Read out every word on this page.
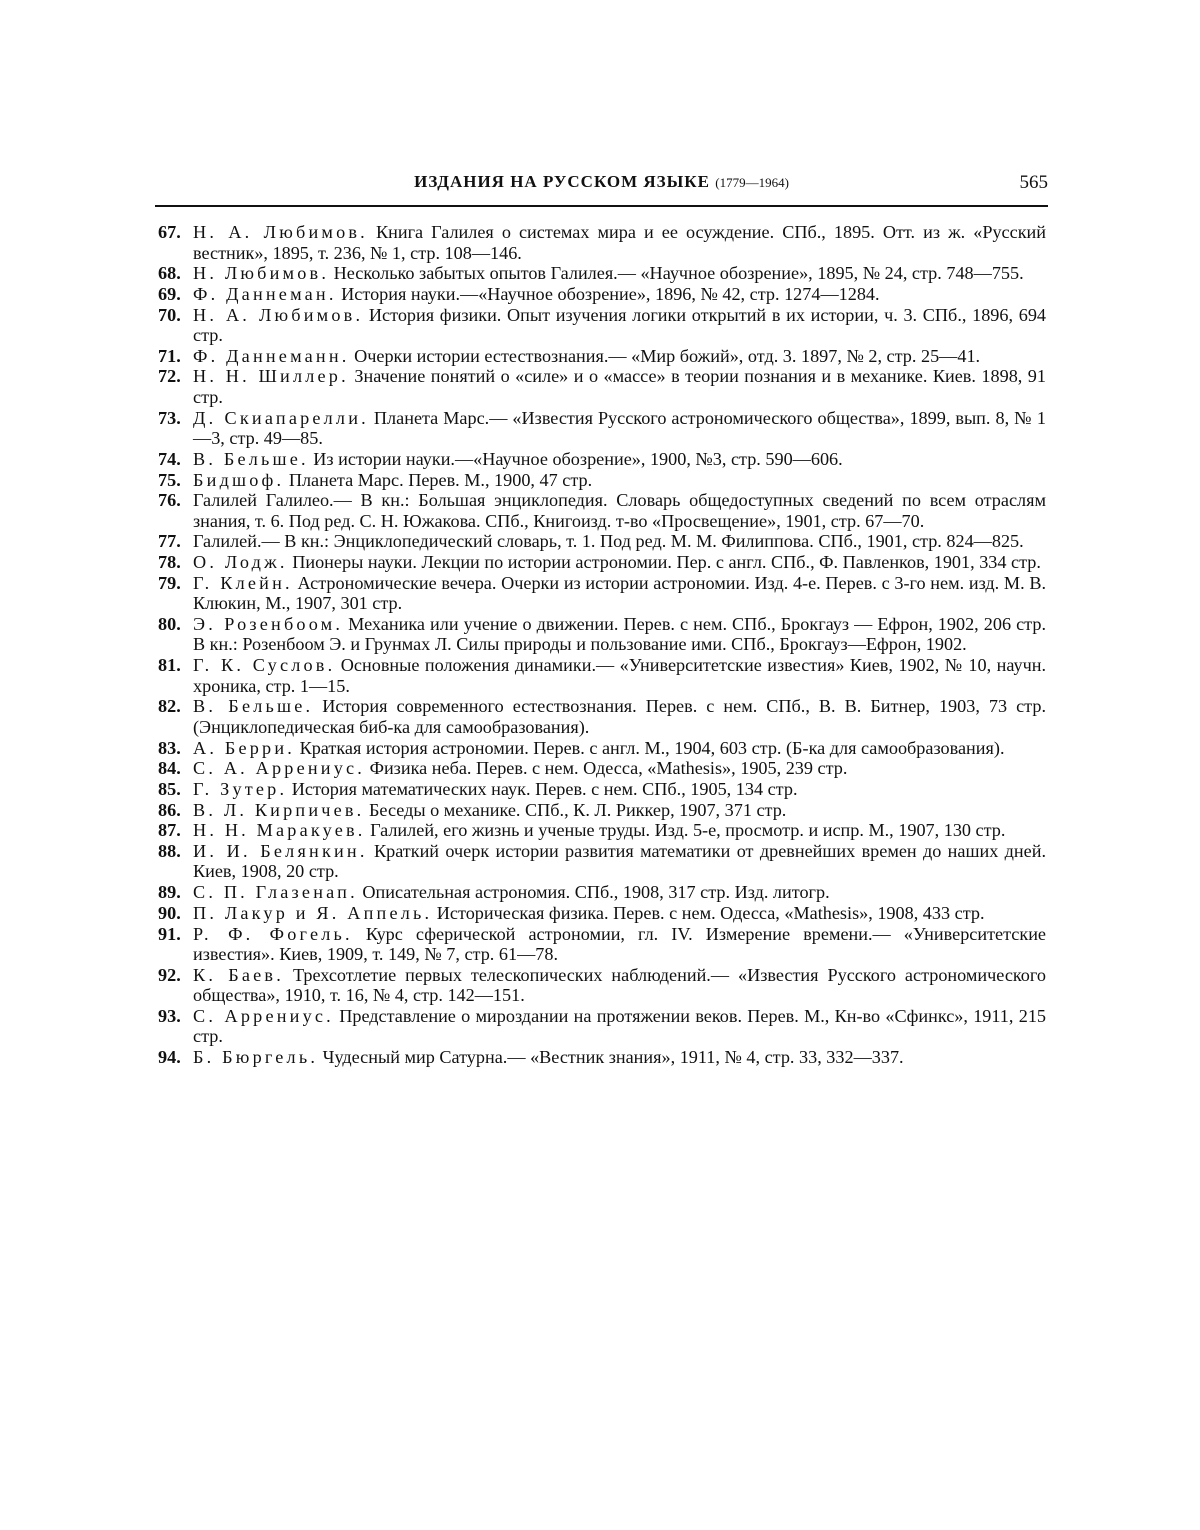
ИЗДАНИЯ НА РУССКОМ ЯЗЫКЕ (1779—1964)	565
67. Н. А. Любимов. Книга Галилея о системах мира и ее осуждение. СПб., 1895. Отт. из ж. «Русский вестник», 1895, т. 236, № 1, стр. 108—146.
68. Н. Любимов. Несколько забытых опытов Галилея.— «Научное обозрение», 1895, № 24, стр. 748—755.
69. Ф. Даннеман. История науки.—«Научное обозрение», 1896, № 42, стр. 1274—1284.
70. Н. А. Любимов. История физики. Опыт изучения логики открытий в их истории, ч. 3. СПб., 1896, 694 стр.
71. Ф. Даннеманн. Очерки истории естествознания.— «Мир божий», отд. 3. 1897, № 2, стр. 25—41.
72. Н. Н. Шиллер. Значение понятий о «силе» и о «массе» в теории познания и в механике. Киев. 1898, 91 стр.
73. Д. Скиапарелли. Планета Марс.— «Известия Русского астрономического общества», 1899, вып. 8, № 1—3, стр. 49—85.
74. В. Бельше. Из истории науки.—«Научное обозрение», 1900, №3, стр. 590—606.
75. Бидшоф. Планета Марс. Перев. М., 1900, 47 стр.
76. Галилей Галилео.— В кн.: Большая энциклопедия. Словарь общедоступных сведений по всем отраслям знания, т. 6. Под ред. С. Н. Южакова. СПб., Книгоизд. т-во «Просвещение», 1901, стр. 67—70.
77. Галилей.— В кн.: Энциклопедический словарь, т. 1. Под ред. М. М. Филиппова. СПб., 1901, стр. 824—825.
78. О. Лодж. Пионеры науки. Лекции по истории астрономии. Пер. с англ. СПб., Ф. Павленков, 1901, 334 стр.
79. Г. Клейн. Астрономические вечера. Очерки из истории астрономии. Изд. 4-е. Перев. с 3-го нем. изд. М. В. Клюкин, М., 1907, 301 стр.
80. Э. Розенбоом. Механика или учение о движении. Перев. с нем. СПб., Брокгауз — Ефрон, 1902, 206 стр. В кн.: Розенбоом Э. и Грунмах Л. Силы природы и пользование ими. СПб., Брокгауз—Ефрон, 1902.
81. Г. К. Суслов. Основные положения динамики.— «Университетские известия» Киев, 1902, № 10, научн. хроника, стр. 1—15.
82. В. Бельше. История современного естествознания. Перев. с нем. СПб., В. В. Битнер, 1903, 73 стр. (Энциклопедическая биб-ка для самообразования).
83. А. Берри. Краткая история астрономии. Перев. с англ. М., 1904, 603 стр. (Б-ка для самообразования).
84. С. А. Аррениус. Физика неба. Перев. с нем. Одесса, «Mathesis», 1905, 239 стр.
85. Г. Зутер. История математических наук. Перев. с нем. СПб., 1905, 134 стр.
86. В. Л. Кирпичев. Беседы о механике. СПб., К. Л. Риккер, 1907, 371 стр.
87. Н. Н. Маракуев. Галилей, его жизнь и ученые труды. Изд. 5-е, просмотр. и испр. М., 1907, 130 стр.
88. И. И. Белянкин. Краткий очерк истории развития математики от древнейших времен до наших дней. Киев, 1908, 20 стр.
89. С. П. Глазенап. Описательная астрономия. СПб., 1908, 317 стр. Изд. литогр.
90. П. Лакур и Я. Аппель. Историческая физика. Перев. с нем. Одесса, «Mathesis», 1908, 433 стр.
91. Р. Ф. Фогель. Курс сферической астрономии, гл. IV. Измерение времени.— «Университетские известия». Киев, 1909, т. 149, № 7, стр. 61—78.
92. К. Баев. Трехсотлетие первых телескопических наблюдений.— «Известия Русского астрономического общества», 1910, т. 16, № 4, стр. 142—151.
93. С. Аррениус. Представление о мироздании на протяжении веков. Перев. М., Кн-во «Сфинкс», 1911, 215 стр.
94. Б. Бюргель. Чудесный мир Сатурна.— «Вестник знания», 1911, № 4, стр. 33, 332—337.
